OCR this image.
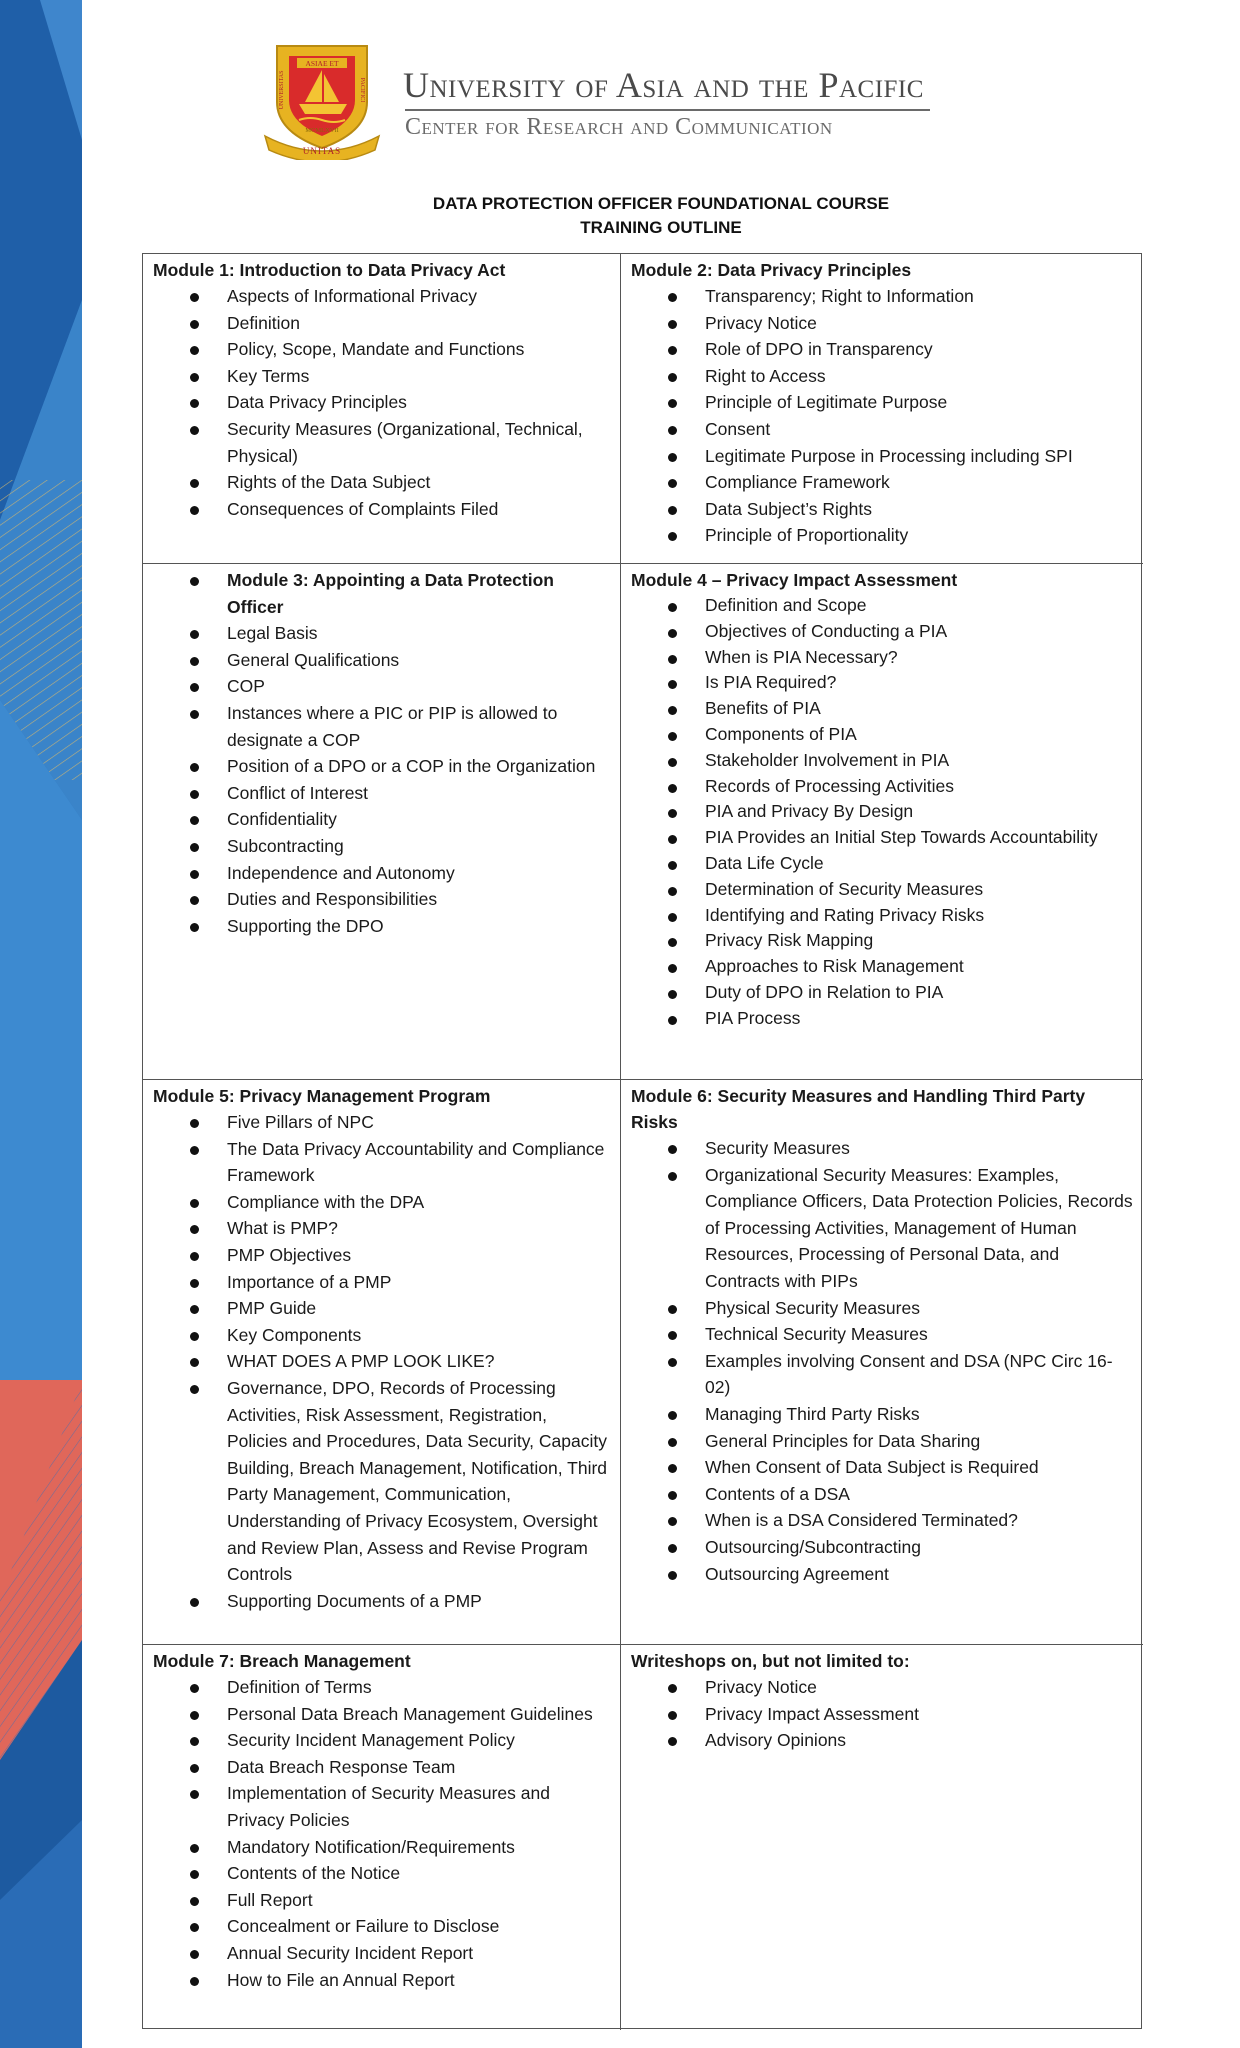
ASIAE ET
UNIVERSITAS	PACIFICI
MCMLXVII
UNITAS
University of Asia and the Pacific
Center for Research and Communication
DATA PROTECTION OFFICER FOUNDATIONAL COURSE
TRAINING OUTLINE
Module 1: Introduction to Data Privacy Act
Aspects of Informational Privacy
Definition
Policy, Scope, Mandate and Functions
Key Terms
Data Privacy Principles
Security Measures (Organizational, Technical, Physical)
Rights of the Data Subject
Consequences of Complaints Filed
Module 2: Data Privacy Principles
Transparency; Right to Information
Privacy Notice
Role of DPO in Transparency
Right to Access
Principle of Legitimate Purpose
Consent
Legitimate Purpose in Processing including SPI
Compliance Framework
Data Subject’s Rights
Principle of Proportionality
Module 3: Appointing a Data Protection Officer
Legal Basis
General Qualifications
COP
Instances where a PIC or PIP is allowed to designate a COP
Position of a DPO or a COP in the Organization
Conflict of Interest
Confidentiality
Subcontracting
Independence and Autonomy
Duties and Responsibilities
Supporting the DPO
Module 4 – Privacy Impact Assessment
Definition and Scope
Objectives of Conducting a PIA
When is PIA Necessary?
Is PIA Required?
Benefits of PIA
Components of PIA
Stakeholder Involvement in PIA
Records of Processing Activities
PIA and Privacy By Design
PIA Provides an Initial Step Towards Accountability
Data Life Cycle
Determination of Security Measures
Identifying and Rating Privacy Risks
Privacy Risk Mapping
Approaches to Risk Management
Duty of DPO in Relation to PIA
PIA Process
Module 5: Privacy Management Program
Five Pillars of NPC
The Data Privacy Accountability and Compliance Framework
Compliance with the DPA
What is PMP?
PMP Objectives
Importance of a PMP
PMP Guide
Key Components
WHAT DOES A PMP LOOK LIKE?
Governance, DPO, Records of Processing Activities, Risk Assessment, Registration, Policies and Procedures, Data Security, Capacity Building, Breach Management, Notification, Third Party Management, Communication, Understanding of Privacy Ecosystem, Oversight and Review Plan, Assess and Revise Program Controls
Supporting Documents of a PMP
Module 6: Security Measures and Handling Third Party Risks
Security Measures
Organizational Security Measures: Examples, Compliance Officers, Data Protection Policies, Records of Processing Activities, Management of Human Resources, Processing of Personal Data, and Contracts with PIPs
Physical Security Measures
Technical Security Measures
Examples involving Consent and DSA (NPC Circ 16-02)
Managing Third Party Risks
General Principles for Data Sharing
When Consent of Data Subject is Required
Contents of a DSA
When is a DSA Considered Terminated?
Outsourcing/Subcontracting
Outsourcing Agreement
Module 7: Breach Management
Definition of Terms
Personal Data Breach Management Guidelines
Security Incident Management Policy
Data Breach Response Team
Implementation of Security Measures and Privacy Policies
Mandatory Notification/Requirements
Contents of the Notice
Full Report
Concealment or Failure to Disclose
Annual Security Incident Report
How to File an Annual Report
Writeshops on, but not limited to:
Privacy Notice
Privacy Impact Assessment
Advisory Opinions
